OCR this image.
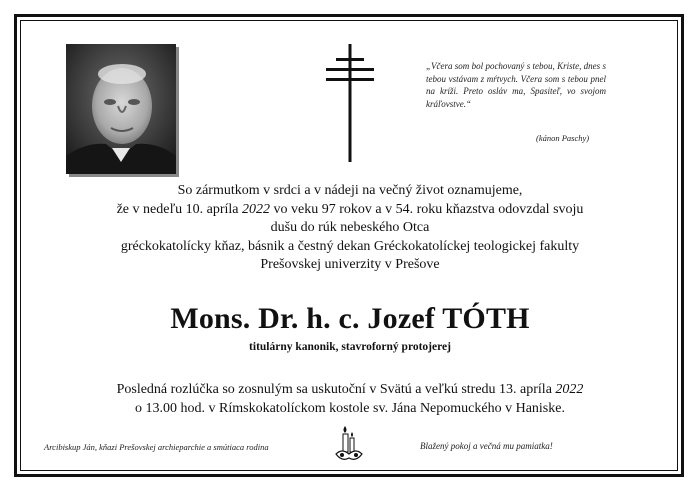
„Včera som bol pochovaný s tebou, Kriste, dnes s tebou vstávam z mŕtvych. Včera som s tebou pnel na kríži. Preto oslάv ma, Spasiteľ, vo svojom kráľovstve.“
(kánon Paschy)
So zármutkom v srdci a v nádeji na večný život oznamujeme,
že v nedeľu 10. apríla 2022 vo veku 97 rokov a v 54. roku kňazstva odovzdal svoju
dušu do rúk nebeského Otca
gréckokatolícky kňaz, básnik a čestný dekan Gréckokatolíckej teologickej fakulty
Prešovskej univerzity v Prešove
Mons. Dr. h. c. Jozef TÓTH
titulárny kanonik, stavroforný protojerej
Posledná rozlúčka so zosnulým sa uskutoční v Svätú a veľkú stredu 13. apríla 2022
o 13.00 hod. v Rímskokatolíckom kostole sv. Jána Nepomuckého v Haniske.
Arcibiskup Ján, kňazi Prešovskej archieparchie a smútiaca rodina	Blažený pokoj a večná mu pamiatka!
